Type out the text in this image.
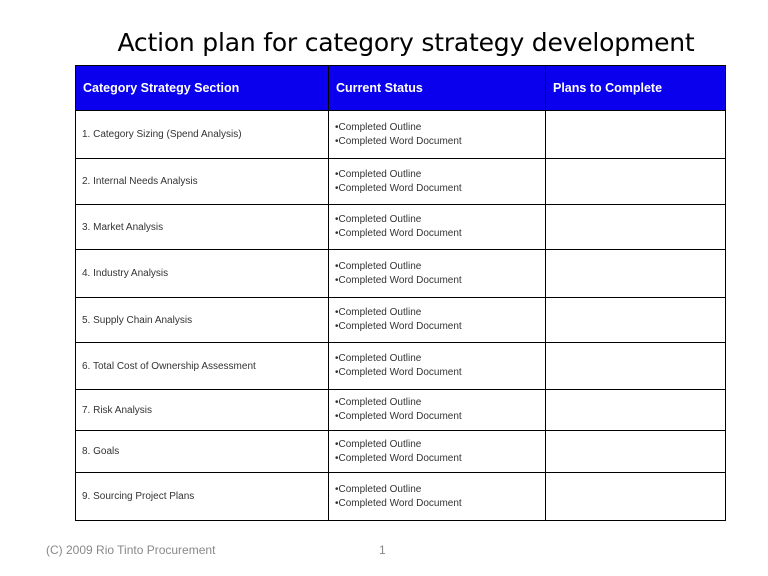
Action plan for category strategy development
Category Strategy Section	Current Status	Plans to Complete
1. Category Sizing (Spend Analysis)	•Completed Outline
•Completed Word Document	

2. Internal Needs Analysis	•Completed Outline
•Completed Word Document	

3. Market Analysis	•Completed Outline
•Completed Word Document	

4. Industry Analysis	•Completed Outline
•Completed Word Document	

5. Supply Chain Analysis	•Completed Outline
•Completed Word Document	

6. Total Cost of Ownership Assessment	•Completed Outline
•Completed Word Document	

7. Risk Analysis	•Completed Outline
•Completed Word Document	

8. Goals	•Completed Outline
•Completed Word Document	

9. Sourcing Project Plans	•Completed Outline
•Completed Word Document	

(C) 2009 Rio Tinto Procurement	1
